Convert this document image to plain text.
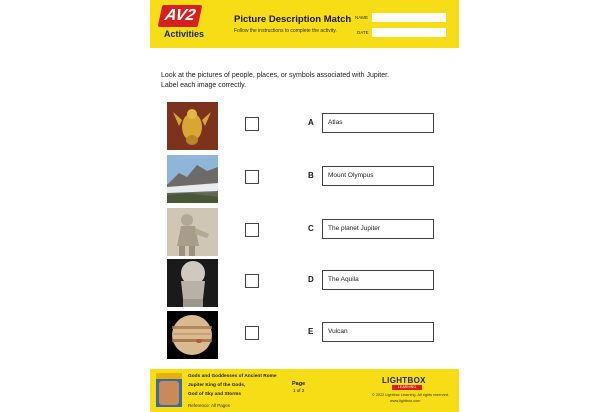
AV2
Activities
Picture Description Match
Follow the instructions to complete the activity.
NAME
DATE
Look at the pictures of people, places, or symbols associated with Jupiter.
Label each image correctly.
A Atlas
B Mount Olympus
C The planet Jupiter
D The Aquila
E Vulcan
Gods and Goddesses of Ancient Rome
Jupiter King of the Gods,
God of Sky and Storms
Reference: All Pages
Page
1 of 2
LIGHTBOX
LEARNING
© 2022 Lightbox Learning. All rights reserved.
www.lightbox.com
